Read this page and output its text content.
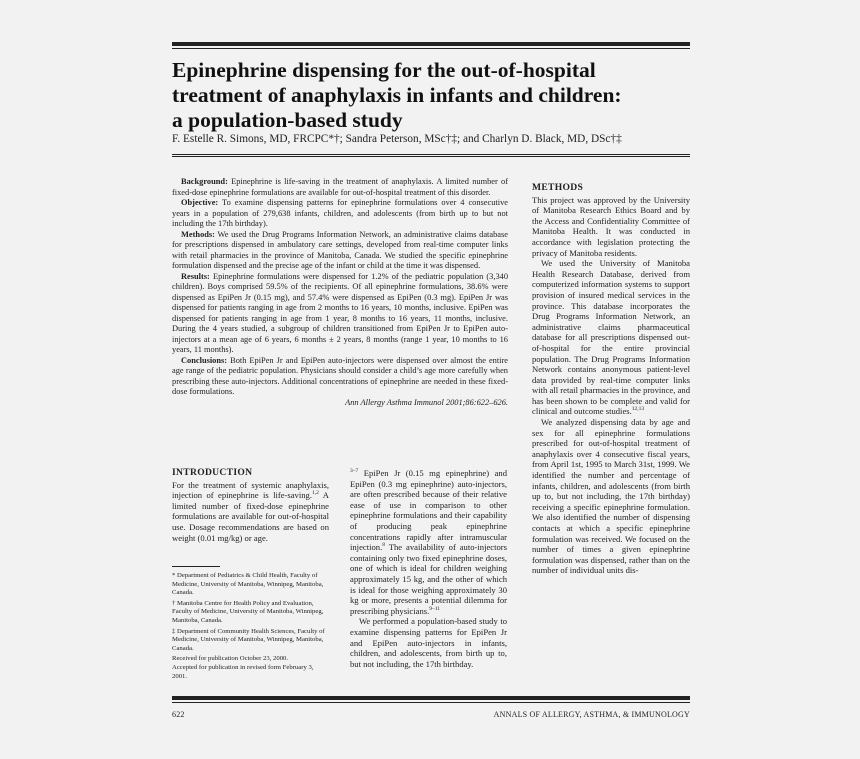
Epinephrine dispensing for the out-of-hospital
treatment of anaphylaxis in infants and children:
a population-based study
F. Estelle R. Simons, MD, FRCPC*†; Sandra Peterson, MSc†‡; and Charlyn D. Black, MD, DSc†‡

Background: Epinephrine is life-saving in the treatment of anaphylaxis. A limited number of fixed-dose epinephrine formulations are available for out-of-hospital treatment of this disorder.

Objective: To examine dispensing patterns for epinephrine formulations over 4 consecutive years in a population of 279,638 infants, children, and adolescents (from birth up to but not including the 17th birthday).

Methods: We used the Drug Programs Information Network, an administrative claims database for prescriptions dispensed in ambulatory care settings, developed from real-time computer links with retail pharmacies in the province of Manitoba, Canada. We studied the specific epinephrine formulation dispensed and the precise age of the infant or child at the time it was dispensed.

Results: Epinephrine formulations were dispensed for 1.2% of the pediatric population (3,340 children). Boys comprised 59.5% of the recipients. Of all epinephrine formulations, 38.6% were dispensed as EpiPen Jr (0.15 mg), and 57.4% were dispensed as EpiPen (0.3 mg). EpiPen Jr was dispensed for patients ranging in age from 2 months to 16 years, 10 months, inclusive. EpiPen was dispensed for patients ranging in age from 1 year, 8 months to 16 years, 11 months, inclusive. During the 4 years studied, a subgroup of children transitioned from EpiPen Jr to EpiPen auto-injectors at a mean age of 6 years, 6 months ± 2 years, 8 months (range 1 year, 10 months to 16 years, 11 months).

Conclusions: Both EpiPen Jr and EpiPen auto-injectors were dispensed over almost the entire age range of the pediatric population. Physicians should consider a child’s age more carefully when prescribing these auto-injectors. Additional concentrations of epinephrine are needed in these fixed-dose formulations.

Ann Allergy Asthma Immunol 2001;86:622–626.

INTRODUCTION

For the treatment of systemic anaphylaxis, injection of epinephrine is life-saving.$^{1,2}$ A limited number of fixed-dose epinephrine formulations are available for out-of-hospital use. Dosage recommendations are based on weight (0.01 mg/kg) or age.

* Department of Pediatrics & Child Health, Faculty of Medicine, University of Manitoba, Winnipeg, Manitoba, Canada.

† Manitoba Centre for Health Policy and Evaluation, Faculty of Medicine, University of Manitoba, Winnipeg, Manitoba, Canada.

‡ Department of Community Health Sciences, Faculty of Medicine, University of Manitoba, Winnipeg, Manitoba, Canada.

Received for publication October 23, 2000.

Accepted for publication in revised form February 3, 2001.

$^{3-7}$ EpiPen Jr (0.15 mg epinephrine) and EpiPen (0.3 mg epinephrine) auto-injectors, are often prescribed because of their relative ease of use in comparison to other epinephrine formulations and their capability of producing peak epinephrine concentrations rapidly after intramuscular injection.$^8$ The availability of auto-injectors containing only two fixed epinephrine doses, one of which is ideal for children weighing approximately 15 kg, and the other of which is ideal for those weighing approximately 30 kg or more, presents a potential dilemma for prescribing physicians.$^{9-11}$

We performed a population-based study to examine dispensing patterns for EpiPen Jr and EpiPen auto-injectors in infants, children, and adolescents, from birth up to, but not including, the 17th birthday.

METHODS

This project was approved by the University of Manitoba Research Ethics Board and by the Access and Confidentiality Committee of Manitoba Health. It was conducted in accordance with legislation protecting the privacy of Manitoba residents.

We used the University of Manitoba Health Research Database, derived from computerized information systems to support provision of insured medical services in the province. This database incorporates the Drug Programs Information Network, an administrative claims pharmaceutical database for all prescriptions dispensed out-of-hospital for the entire provincial population. The Drug Programs Information Network contains anonymous patient-level data provided by real-time computer links with all retail pharmacies in the province, and has been shown to be complete and valid for clinical and outcome studies.$^{12,13}$

We analyzed dispensing data by age and sex for all epinephrine formulations prescribed for out-of-hospital treatment of anaphylaxis over 4 consecutive fiscal years, from April 1st, 1995 to March 31st, 1999. We identified the number and percentage of infants, children, and adolescents (from birth up to, but not including, the 17th birthday) receiving a specific epinephrine formulation. We also identified the number of dispensing contacts at which a specific epinephrine formulation was received. We focused on the number of times a given epinephrine formulation was dispensed, rather than on the number of individual units dis-

622	ANNALS OF ALLERGY, ASTHMA, & IMMUNOLOGY
